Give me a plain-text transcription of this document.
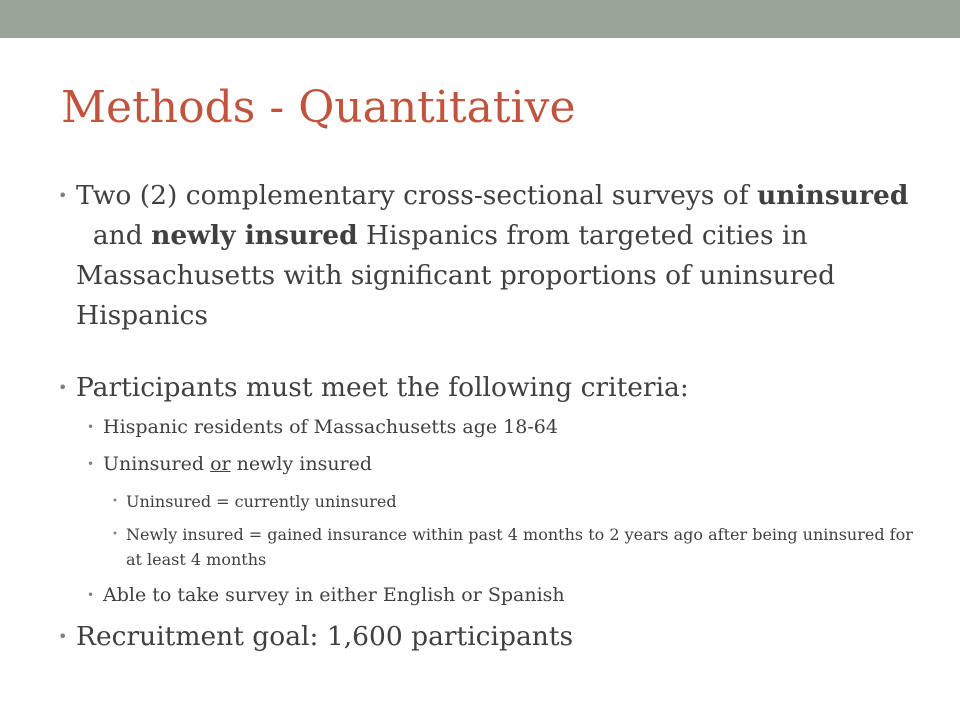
Methods - Quantitative
• Two (2) complementary cross-sectional surveys of uninsured  and newly insured Hispanics from targeted cities in Massachusetts with significant proportions of uninsured Hispanics
• Participants must meet the following criteria:
• Hispanic residents of Massachusetts age 18-64
• Uninsured or newly insured
• Uninsured = currently uninsured
• Newly insured = gained insurance within past 4 months to 2 years ago after being uninsured for at least 4 months
• Able to take survey in either English or Spanish
• Recruitment goal: 1,600 participants
